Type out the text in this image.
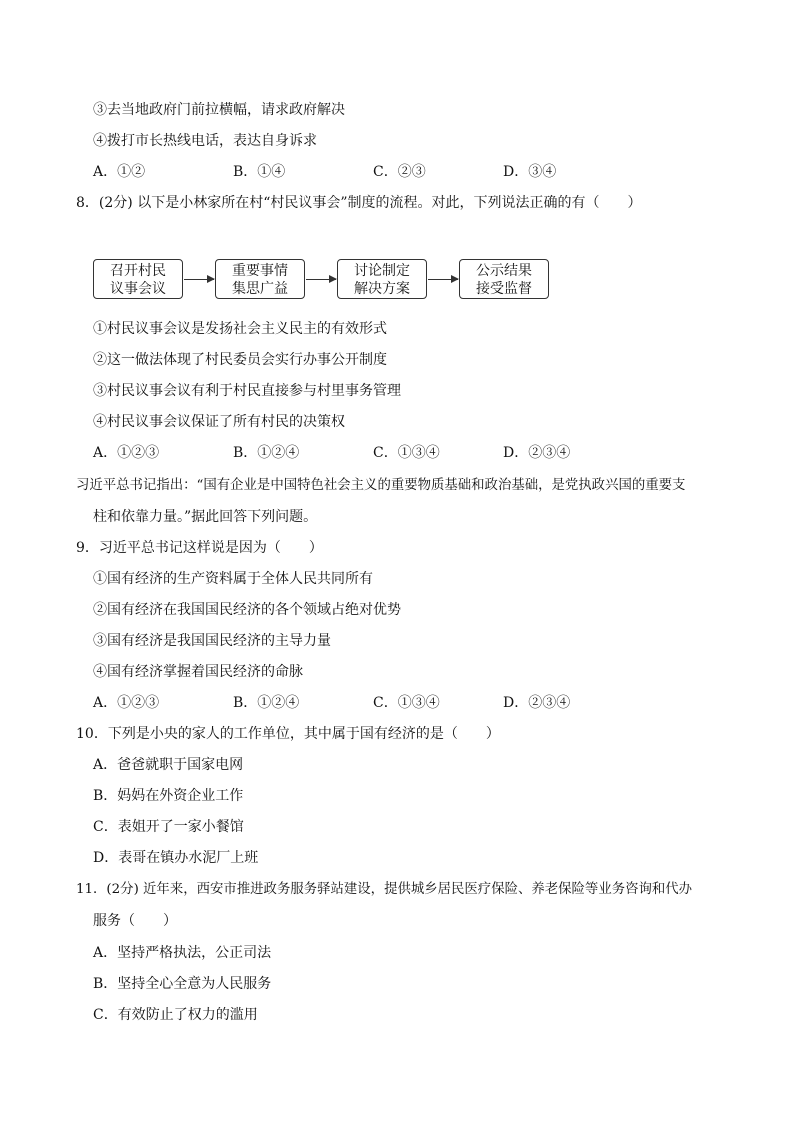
③去当地政府门前拉横幅，请求政府解决
④拨打市长热线电话，表达自身诉求
A．①②	B．①④	C．②③	D．③④
8．(2分) 以下是小林家所在村“村民议事会”制度的流程。对此，下列说法正确的有（　　）
召开村民
议事会议
重要事情
集思广益
讨论制定
解决方案
公示结果
接受监督
①村民议事会议是发扬社会主义民主的有效形式
②这一做法体现了村民委员会实行办事公开制度
③村民议事会议有利于村民直接参与村里事务管理
④村民议事会议保证了所有村民的决策权
A．①②③	B．①②④	C．①③④	D．②③④
习近平总书记指出：“国有企业是中国特色社会主义的重要物质基础和政治基础，是党执政兴国的重要支
柱和依靠力量。”据此回答下列问题。
9．习近平总书记这样说是因为（　　）
①国有经济的生产资料属于全体人民共同所有
②国有经济在我国国民经济的各个领域占绝对优势
③国有经济是我国国民经济的主导力量
④国有经济掌握着国民经济的命脉
A．①②③	B．①②④	C．①③④	D．②③④
10．下列是小央的家人的工作单位，其中属于国有经济的是（　　）
A．爸爸就职于国家电网
B．妈妈在外资企业工作
C．表姐开了一家小餐馆
D．表哥在镇办水泥厂上班
11．(2分) 近年来，西安市推进政务服务驿站建设，提供城乡居民医疗保险、养老保险等业务咨询和代办
服务（　　）
A．坚持严格执法，公正司法
B．坚持全心全意为人民服务
C．有效防止了权力的滥用
